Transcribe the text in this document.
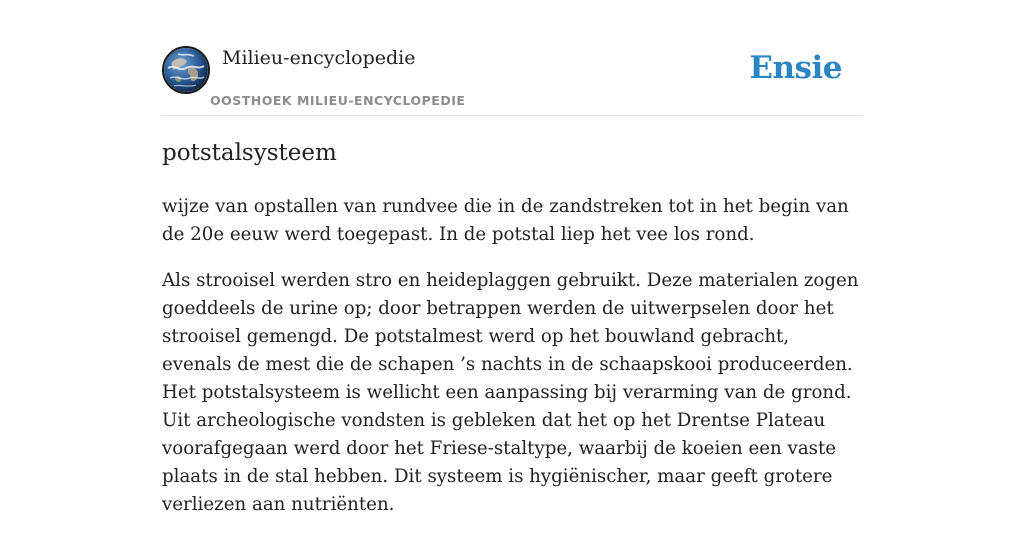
Milieu-encyclopedie
OOSTHOEK MILIEU-ENCYCLOPEDIE
Ensie
potstalsysteem

wijze van opstallen van rundvee die in de zandstreken tot in het begin van de 20e eeuw werd toegepast. In de potstal liep het vee los rond.

Als strooisel werden stro en heideplaggen gebruikt. Deze materialen zogen goeddeels de urine op; door betrappen werden de uitwerpselen door het strooisel gemengd. De potstalmest werd op het bouwland gebracht, evenals de mest die de schapen ’s nachts in de schaapskooi produceerden. Het potstalsysteem is wellicht een aanpassing bij verarming van de grond. Uit archeologische vondsten is gebleken dat het op het Drentse Plateau voorafgegaan werd door het Friese-staltype, waarbij de koeien een vaste plaats in de stal hebben. Dit systeem is hygiënischer, maar geeft grotere verliezen aan nutriënten.
